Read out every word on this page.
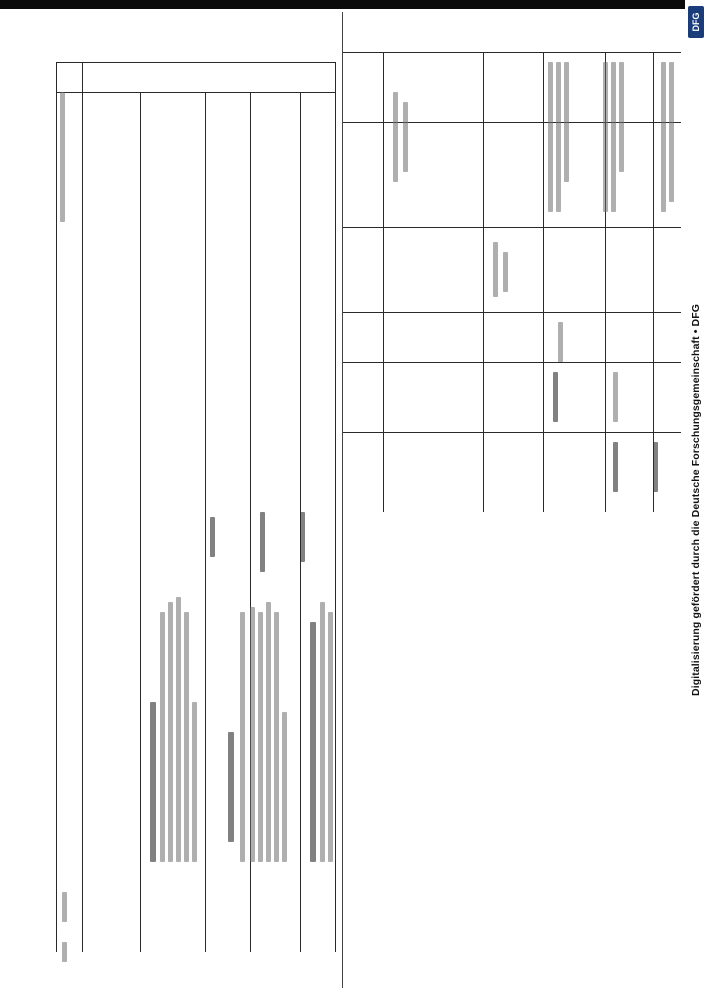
DFG
Digitalisierung gefördert durch die Deutsche Forschungsgemeinschaft • DFG
